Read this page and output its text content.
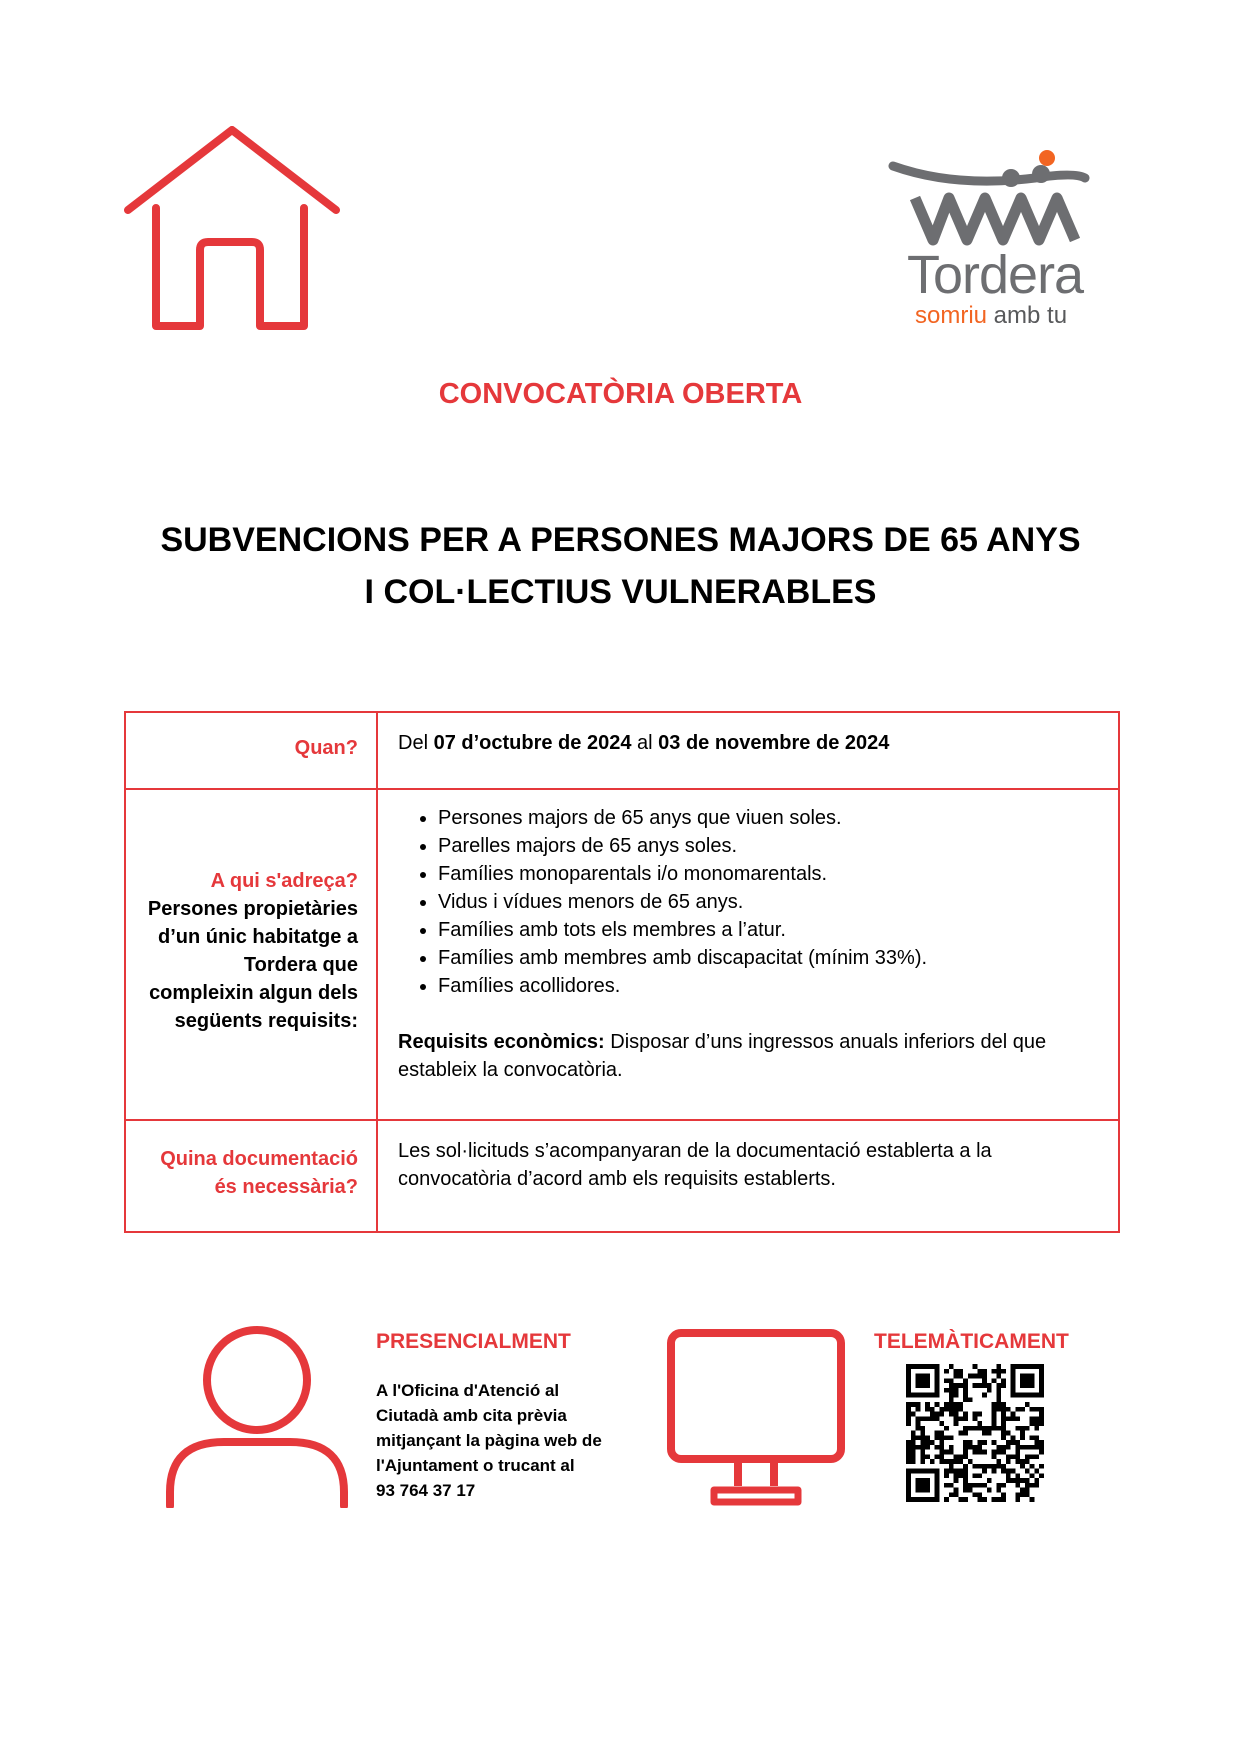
Tordera
somriu amb tu
CONVOCATÒRIA OBERTA
SUBVENCIONS PER A PERSONES MAJORS DE 65 ANYS
I COL·LECTIUS VULNERABLES
Quan?	Del 07 d’octubre de 2024 al 03 de novembre de 2024
A qui s'adreça?
Persones propietàries
d’un únic habitatge a
Tordera que
compleixin algun dels
següents requisits:
• Persones majors de 65 anys que viuen soles.
• Parelles majors de 65 anys soles.
• Famílies monoparentals i/o monomarentals.
• Vidus i vídues menors de 65 anys.
• Famílies amb tots els membres a l’atur.
• Famílies amb membres amb discapacitat (mínim 33%).
• Famílies acollidores.
Requisits econòmics: Disposar d’uns ingressos anuals inferiors del que estableix la convocatòria.
Quina documentació
és necessària?
Les sol·licituds s’acompanyaran de la documentació establerta a la convocatòria d’acord amb els requisits establerts.
PRESENCIALMENT
A l'Oficina d'Atenció al
Ciutadà amb cita prèvia
mitjançant la pàgina web de
l'Ajuntament o trucant al
93 764 37 17
TELEMÀTICAMENT
